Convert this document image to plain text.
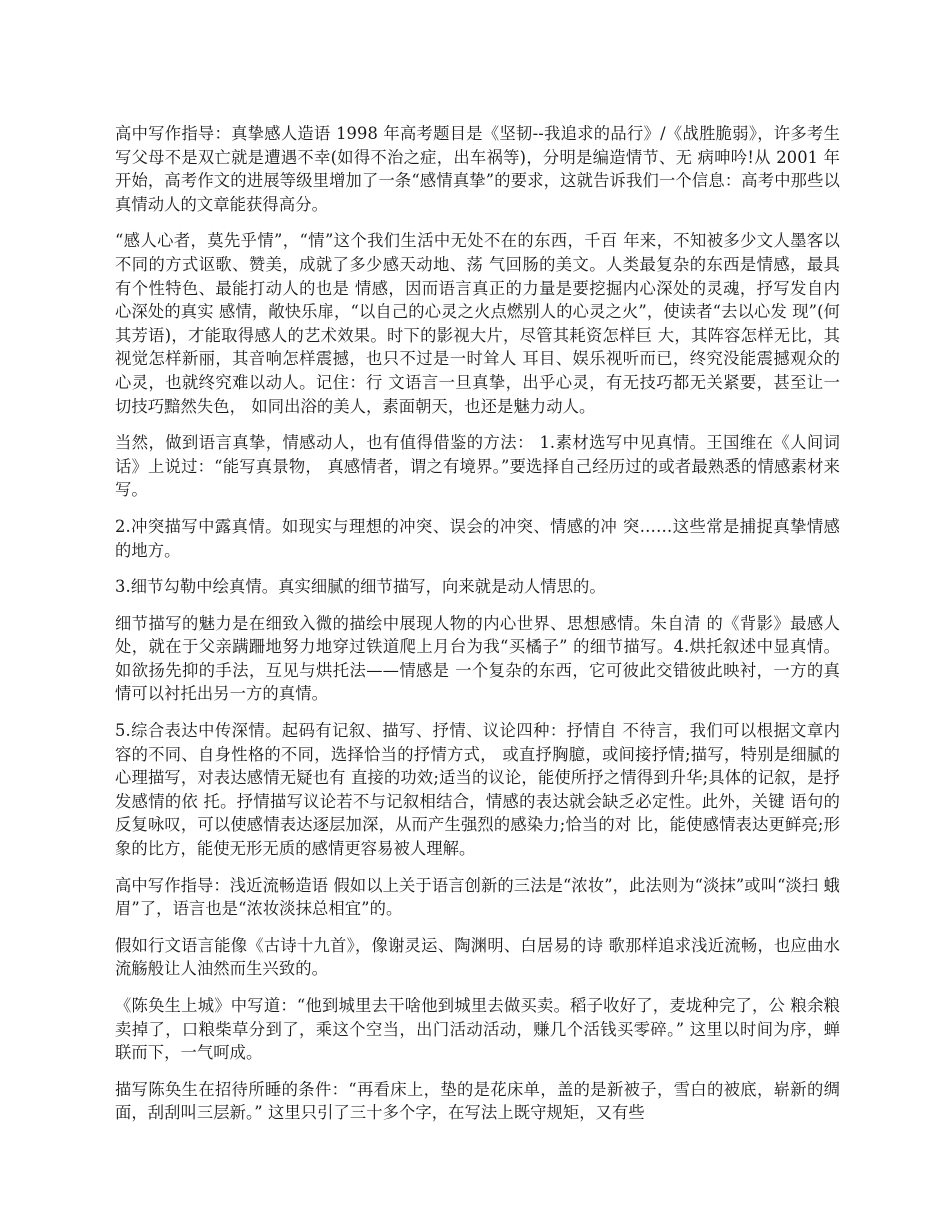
高中写作指导：真挚感人造语 1998 年高考题目是《坚韧--我追求的品行》/《战胜脆弱》，许多考生 写父母不是双亡就是遭遇不幸(如得不治之症，出车祸等)，分明是编造情节、无 病呻吟!从 2001 年开始，高考作文的进展等级里增加了一条“感情真挚”的要求，这就告诉我们一个信息：高考中那些以真情动人的文章能获得高分。

“感人心者，莫先乎情”，“情”这个我们生活中无处不在的东西，千百 年来，不知被多少文人墨客以不同的方式讴歌、赞美，成就了多少感天动地、荡 气回肠的美文。人类最复杂的东西是情感，最具有个性特色、最能打动人的也是 情感，因而语言真正的力量是要挖掘内心深处的灵魂，抒写发自内心深处的真实 感情，敞快乐扉，“以自己的心灵之火点燃别人的心灵之火”，使读者“去以心发 现”(何其芳语)，才能取得感人的艺术效果。时下的影视大片，尽管其耗资怎样巨 大，其阵容怎样无比，其视觉怎样新丽，其音响怎样震撼，也只不过是一时耸人 耳目、娱乐视听而已，终究没能震撼观众的心灵，也就终究难以动人。记住：行 文语言一旦真挚，出乎心灵，有无技巧都无关紧要，甚至让一切技巧黯然失色， 如同出浴的美人，素面朝天，也还是魅力动人。

当然，做到语言真挚，情感动人，也有值得借鉴的方法： 1.素材选写中见真情。王国维在《人间词话》上说过：“能写真景物， 真感情者，谓之有境界。”要选择自己经历过的或者最熟悉的情感素材来写。

2.冲突描写中露真情。如现实与理想的冲突、误会的冲突、情感的冲 突……这些常是捕捉真挚情感的地方。

3.细节勾勒中绘真情。真实细腻的细节描写，向来就是动人情思的。

细节描写的魅力是在细致入微的描绘中展现人物的内心世界、思想感情。朱自清 的《背影》最感人处，就在于父亲蹒跚地努力地穿过铁道爬上月台为我“买橘子” 的细节描写。4.烘托叙述中显真情。如欲扬先抑的手法，互见与烘托法——情感是 一个复杂的东西，它可彼此交错彼此映衬，一方的真情可以衬托出另一方的真情。

5.综合表达中传深情。起码有记叙、描写、抒情、议论四种：抒情自 不待言，我们可以根据文章内容的不同、自身性格的不同，选择恰当的抒情方式， 或直抒胸臆，或间接抒情;描写，特别是细腻的心理描写，对表达感情无疑也有 直接的功效;适当的议论，能使所抒之情得到升华;具体的记叙，是抒发感情的依 托。抒情描写议论若不与记叙相结合，情感的表达就会缺乏必定性。此外，关键 语句的反复咏叹，可以使感情表达逐层加深，从而产生强烈的感染力;恰当的对 比，能使感情表达更鲜亮;形象的比方，能使无形无质的感情更容易被人理解。

高中写作指导：浅近流畅造语 假如以上关于语言创新的三法是“浓妆”，此法则为“淡抹”或叫“淡扫 蛾眉”了，语言也是“浓妆淡抹总相宜”的。

假如行文语言能像《古诗十九首》，像谢灵运、陶渊明、白居易的诗 歌那样追求浅近流畅，也应曲水流觞般让人油然而生兴致的。

《陈奂生上城》中写道：“他到城里去干啥他到城里去做买卖。稻子收好了，麦垅种完了，公 粮余粮卖掉了，口粮柴草分到了，乘这个空当，出门活动活动，赚几个活钱买零碎。” 这里以时间为序，蝉联而下，一气呵成。

描写陈奂生在招待所睡的条件：“再看床上，垫的是花床单，盖的是新被子，雪白的被底，崭新的绸 面，刮刮叫三层新。” 这里只引了三十多个字，在写法上既守规矩，又有些
